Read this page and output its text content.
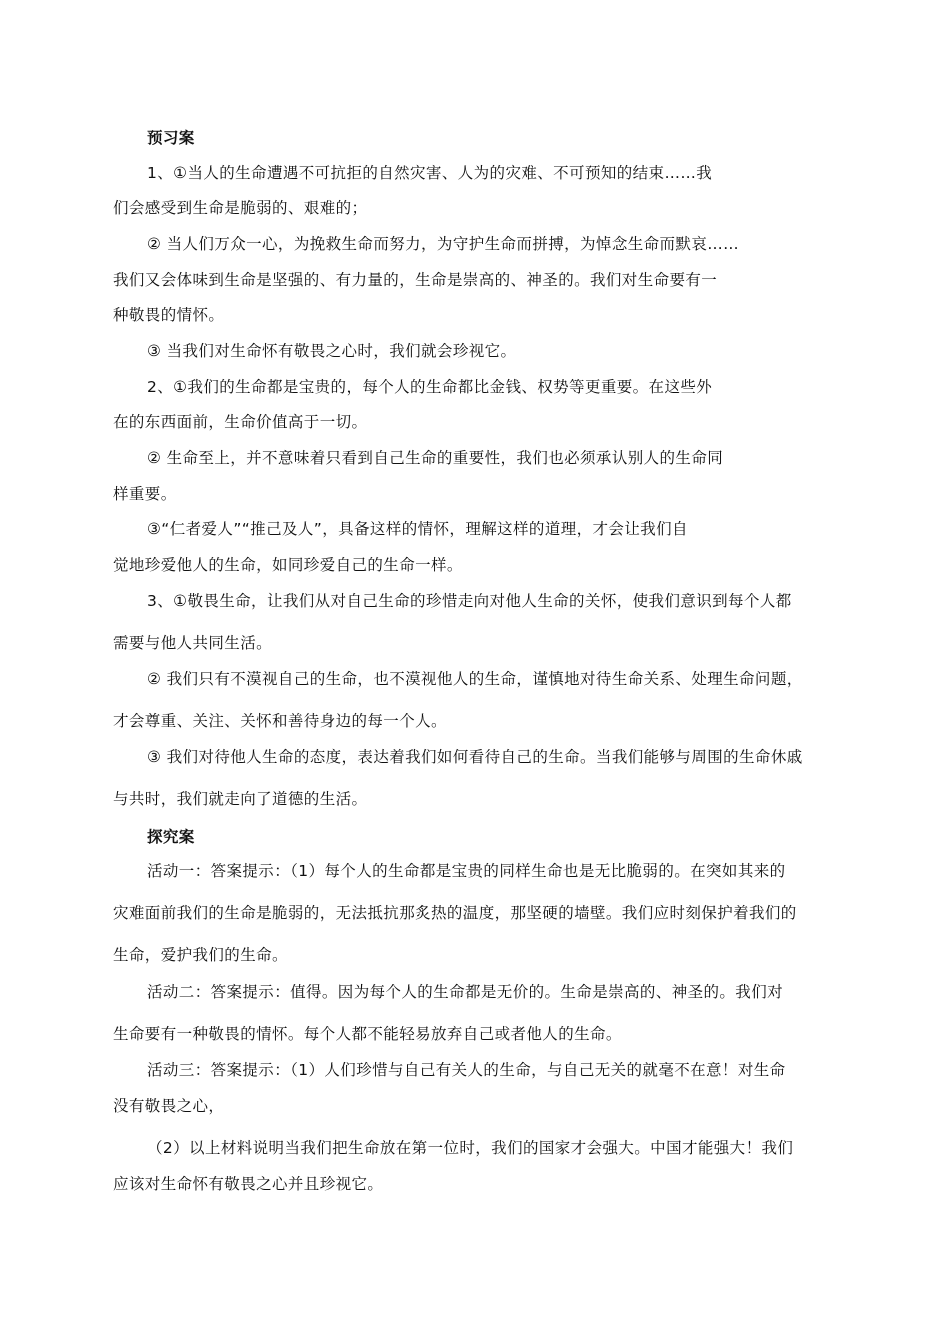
预习案
1、①当人的生命遭遇不可抗拒的自然灾害、人为的灾难、不可预知的结束……我
们会感受到生命是脆弱的、艰难的；
② 当人们万众一心，为挽救生命而努力，为守护生命而拼搏，为悼念生命而默哀……
我们又会体味到生命是坚强的、有力量的，生命是崇高的、神圣的。我们对生命要有一
种敬畏的情怀。
③ 当我们对生命怀有敬畏之心时，我们就会珍视它。
2、①我们的生命都是宝贵的，每个人的生命都比金钱、权势等更重要。在这些外
在的东西面前，生命价值高于一切。
② 生命至上，并不意味着只看到自己生命的重要性，我们也必须承认别人的生命同
样重要。
③“仁者爱人”“推己及人”，具备这样的情怀，理解这样的道理，才会让我们自
觉地珍爱他人的生命，如同珍爱自己的生命一样。
3、①敬畏生命，让我们从对自己生命的珍惜走向对他人生命的关怀，使我们意识到每个人都
需要与他人共同生活。
② 我们只有不漠视自己的生命，也不漠视他人的生命，谨慎地对待生命关系、处理生命问题，
才会尊重、关注、关怀和善待身边的每一个人。
③ 我们对待他人生命的态度，表达着我们如何看待自己的生命。当我们能够与周围的生命休戚
与共时，我们就走向了道德的生活。
探究案
活动一：答案提示：（1）每个人的生命都是宝贵的同样生命也是无比脆弱的。在突如其来的
灾难面前我们的生命是脆弱的，无法抵抗那炙热的温度，那坚硬的墙壁。我们应时刻保护着我们的
生命，爱护我们的生命。
活动二：答案提示：值得。因为每个人的生命都是无价的。生命是崇高的、神圣的。我们对
生命要有一种敬畏的情怀。每个人都不能轻易放弃自己或者他人的生命。
活动三：答案提示：（1）人们珍惜与自己有关人的生命，与自己无关的就毫不在意！对生命
没有敬畏之心，
（2）以上材料说明当我们把生命放在第一位时，我们的国家才会强大。中国才能强大！我们
应该对生命怀有敬畏之心并且珍视它。
